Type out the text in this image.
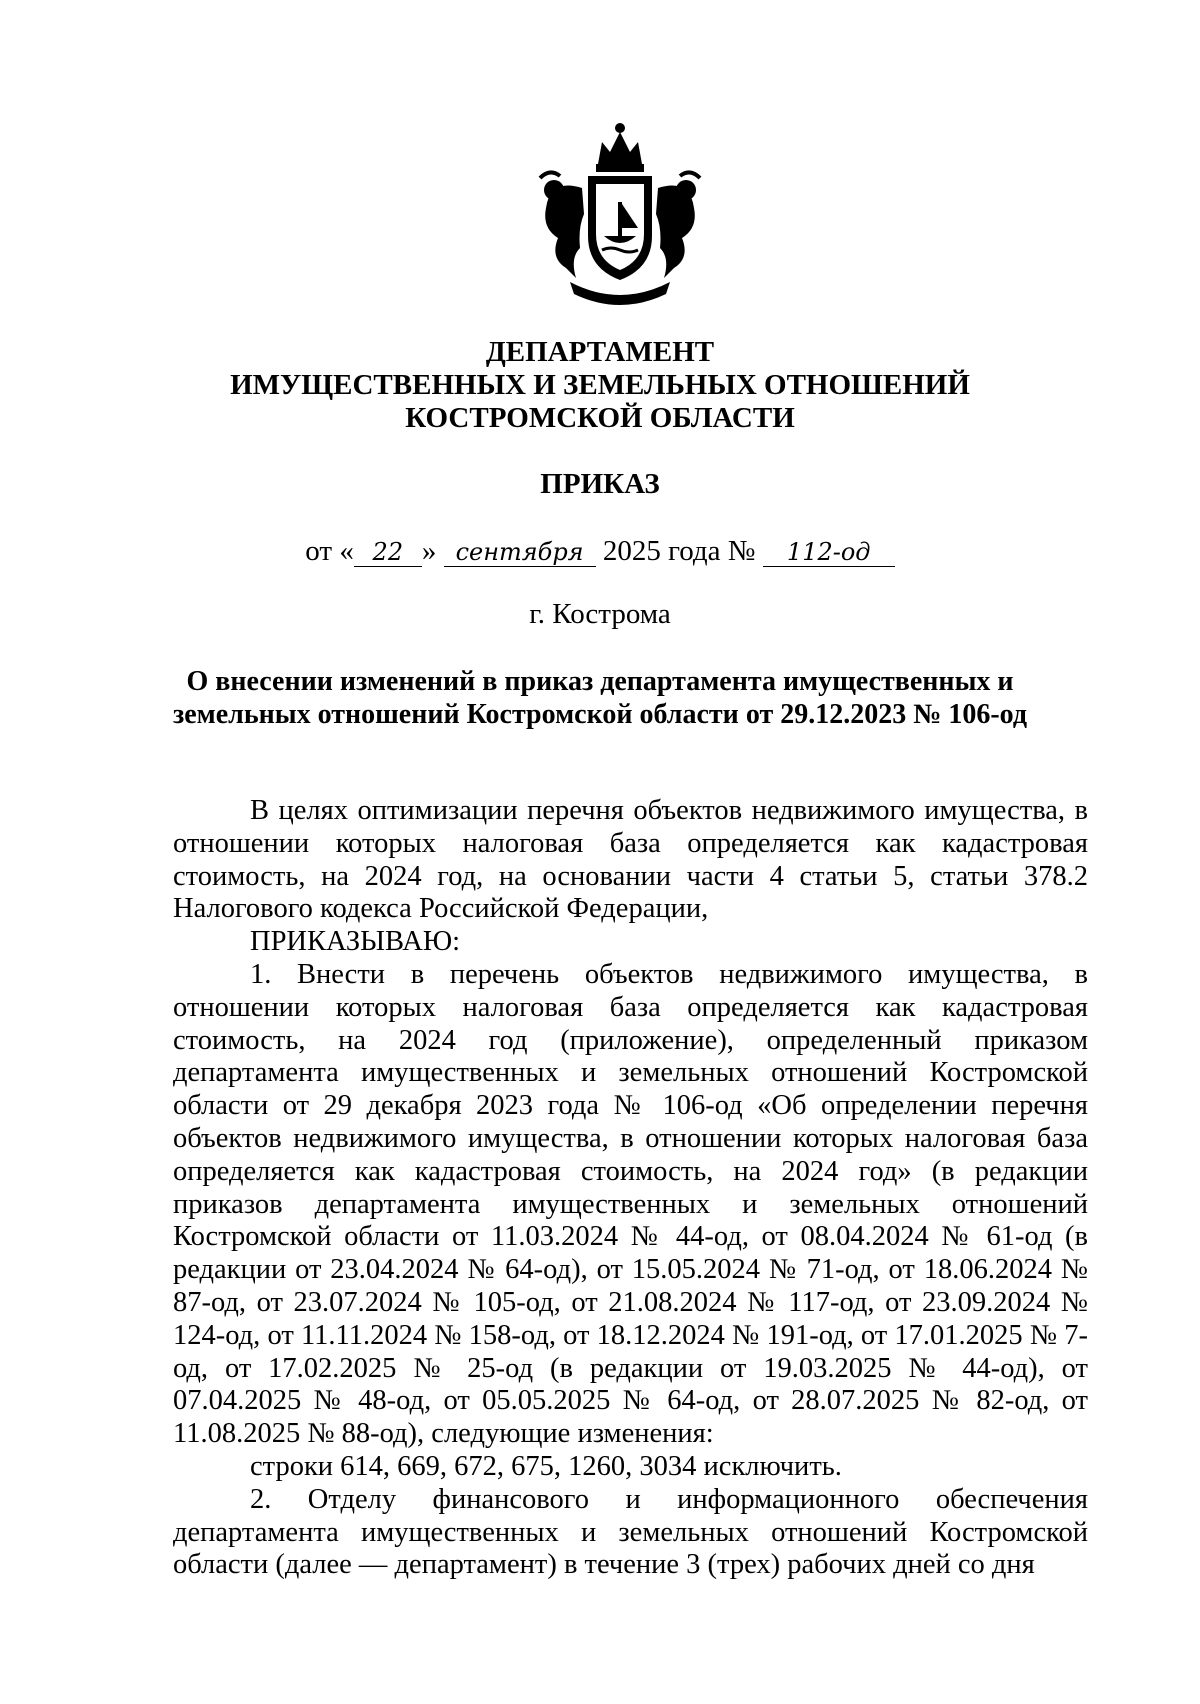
ДЕПАРТАМЕНТ
ИМУЩЕСТВЕННЫХ И ЗЕМЕЛЬНЫХ ОТНОШЕНИЙ
КОСТРОМСКОЙ ОБЛАСТИ
ПРИКАЗ
от « 22 » сентября 2025 года № 112-од
г. Кострома
О внесении изменений в приказ департамента имущественных и
земельных отношений Костромской области от 29.12.2023 № 106-од

В целях оптимизации перечня объектов недвижимого имущества, в отношении которых налоговая база определяется как кадастровая стоимость, на 2024 год, на основании части 4 статьи 5, статьи 378.2 Налогового кодекса Российской Федерации,

ПРИКАЗЫВАЮ:

1. Внести в перечень объектов недвижимого имущества, в отношении которых налоговая база определяется как кадастровая стоимость, на 2024 год (приложение), определенный приказом департамента имущественных и земельных отношений Костромской области от 29 декабря 2023 года № 106-од «Об определении перечня объектов недвижимого имущества, в отношении которых налоговая база определяется как кадастровая стоимость, на 2024 год» (в редакции приказов департамента имущественных и земельных отношений Костромской области от 11.03.2024 № 44-од, от 08.04.2024 № 61-од (в редакции от 23.04.2024 № 64-од), от 15.05.2024 № 71-од, от 18.06.2024 № 87-од, от 23.07.2024 № 105-од, от 21.08.2024 № 117-од, от 23.09.2024 № 124-од, от 11.11.2024 № 158-од, от 18.12.2024 № 191-од, от 17.01.2025 № 7-од, от 17.02.2025 № 25-од (в редакции от 19.03.2025 № 44-од), от 07.04.2025 № 48-од, от 05.05.2025 № 64-од, от 28.07.2025 № 82-од, от 11.08.2025 № 88-од), следующие изменения:

строки 614, 669, 672, 675, 1260, 3034 исключить.

2. Отделу финансового и информационного обеспечения департамента имущественных и земельных отношений Костромской области (далее — департамент) в течение 3 (трех) рабочих дней со дня
